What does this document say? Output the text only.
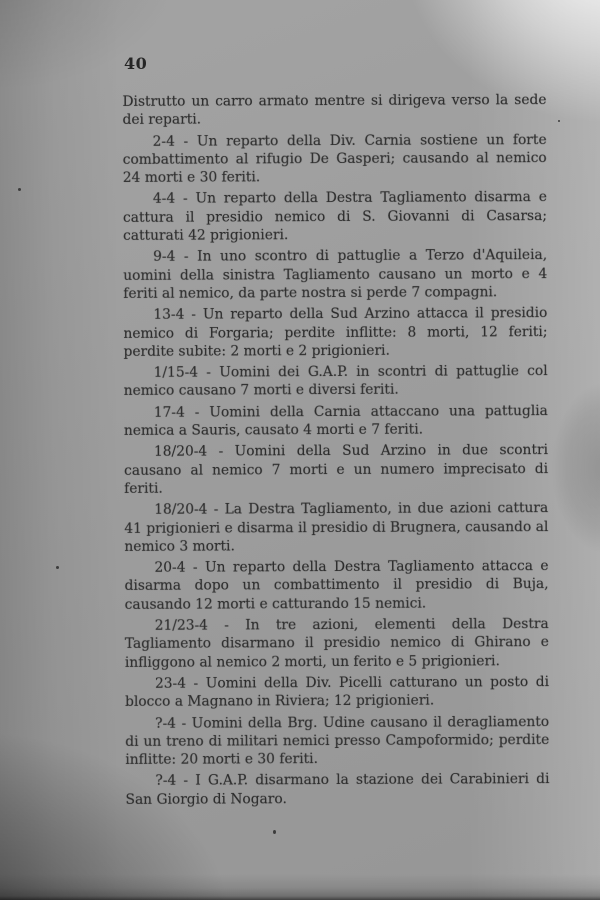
40

Distrutto un carro armato mentre si dirigeva verso la sede dei reparti.

2-4 - Un reparto della Div. Carnia sostiene un forte combattimento al rifugio De Gasperi; causando al nemico 24 morti e 30 feriti.

4-4 - Un reparto della Destra Tagliamento disarma e cattura il presidio nemico di S. Giovanni di Casarsa; catturati 42 prigionieri.

9-4 - In uno scontro di pattuglie a Terzo d'Aquileia, uomini della sinistra Tagliamento causano un morto e 4 feriti al nemico, da parte nostra si perde 7 compagni.

13-4 - Un reparto della Sud Arzino attacca il presidio nemico di Forgaria; perdite inflitte: 8 morti, 12 feriti; perdite subite: 2 morti e 2 prigionieri.

1/15-4 - Uomini dei G.A.P. in scontri di pattuglie col nemico causano 7 morti e diversi feriti.

17-4 - Uomini della Carnia attaccano una pattuglia nemica a Sauris, causato 4 morti e 7 feriti.

18/20-4 - Uomini della Sud Arzino in due scontri causano al nemico 7 morti e un numero imprecisato di feriti.

18/20-4 - La Destra Tagliamento, in due azioni cattura 41 prigionieri e disarma il presidio di Brugnera, causando al nemico 3 morti.

20-4 - Un reparto della Destra Tagliamento attacca e disarma dopo un combattimento il presidio di Buja, causando 12 morti e catturando 15 nemici.

21/23-4 - In tre azioni, elementi della Destra Tagliamento disarmano il presidio nemico di Ghirano e infliggono al nemico 2 morti, un ferito e 5 prigionieri.

23-4 - Uomini della Div. Picelli catturano un posto di blocco a Magnano in Riviera; 12 prigionieri.

?-4 - Uomini della Brg. Udine causano il deragliamento di un treno di militari nemici presso Campoformido; perdite inflitte: 20 morti e 30 feriti.

?-4 - I G.A.P. disarmano la stazione dei Carabinieri di San Giorgio di Nogaro.
